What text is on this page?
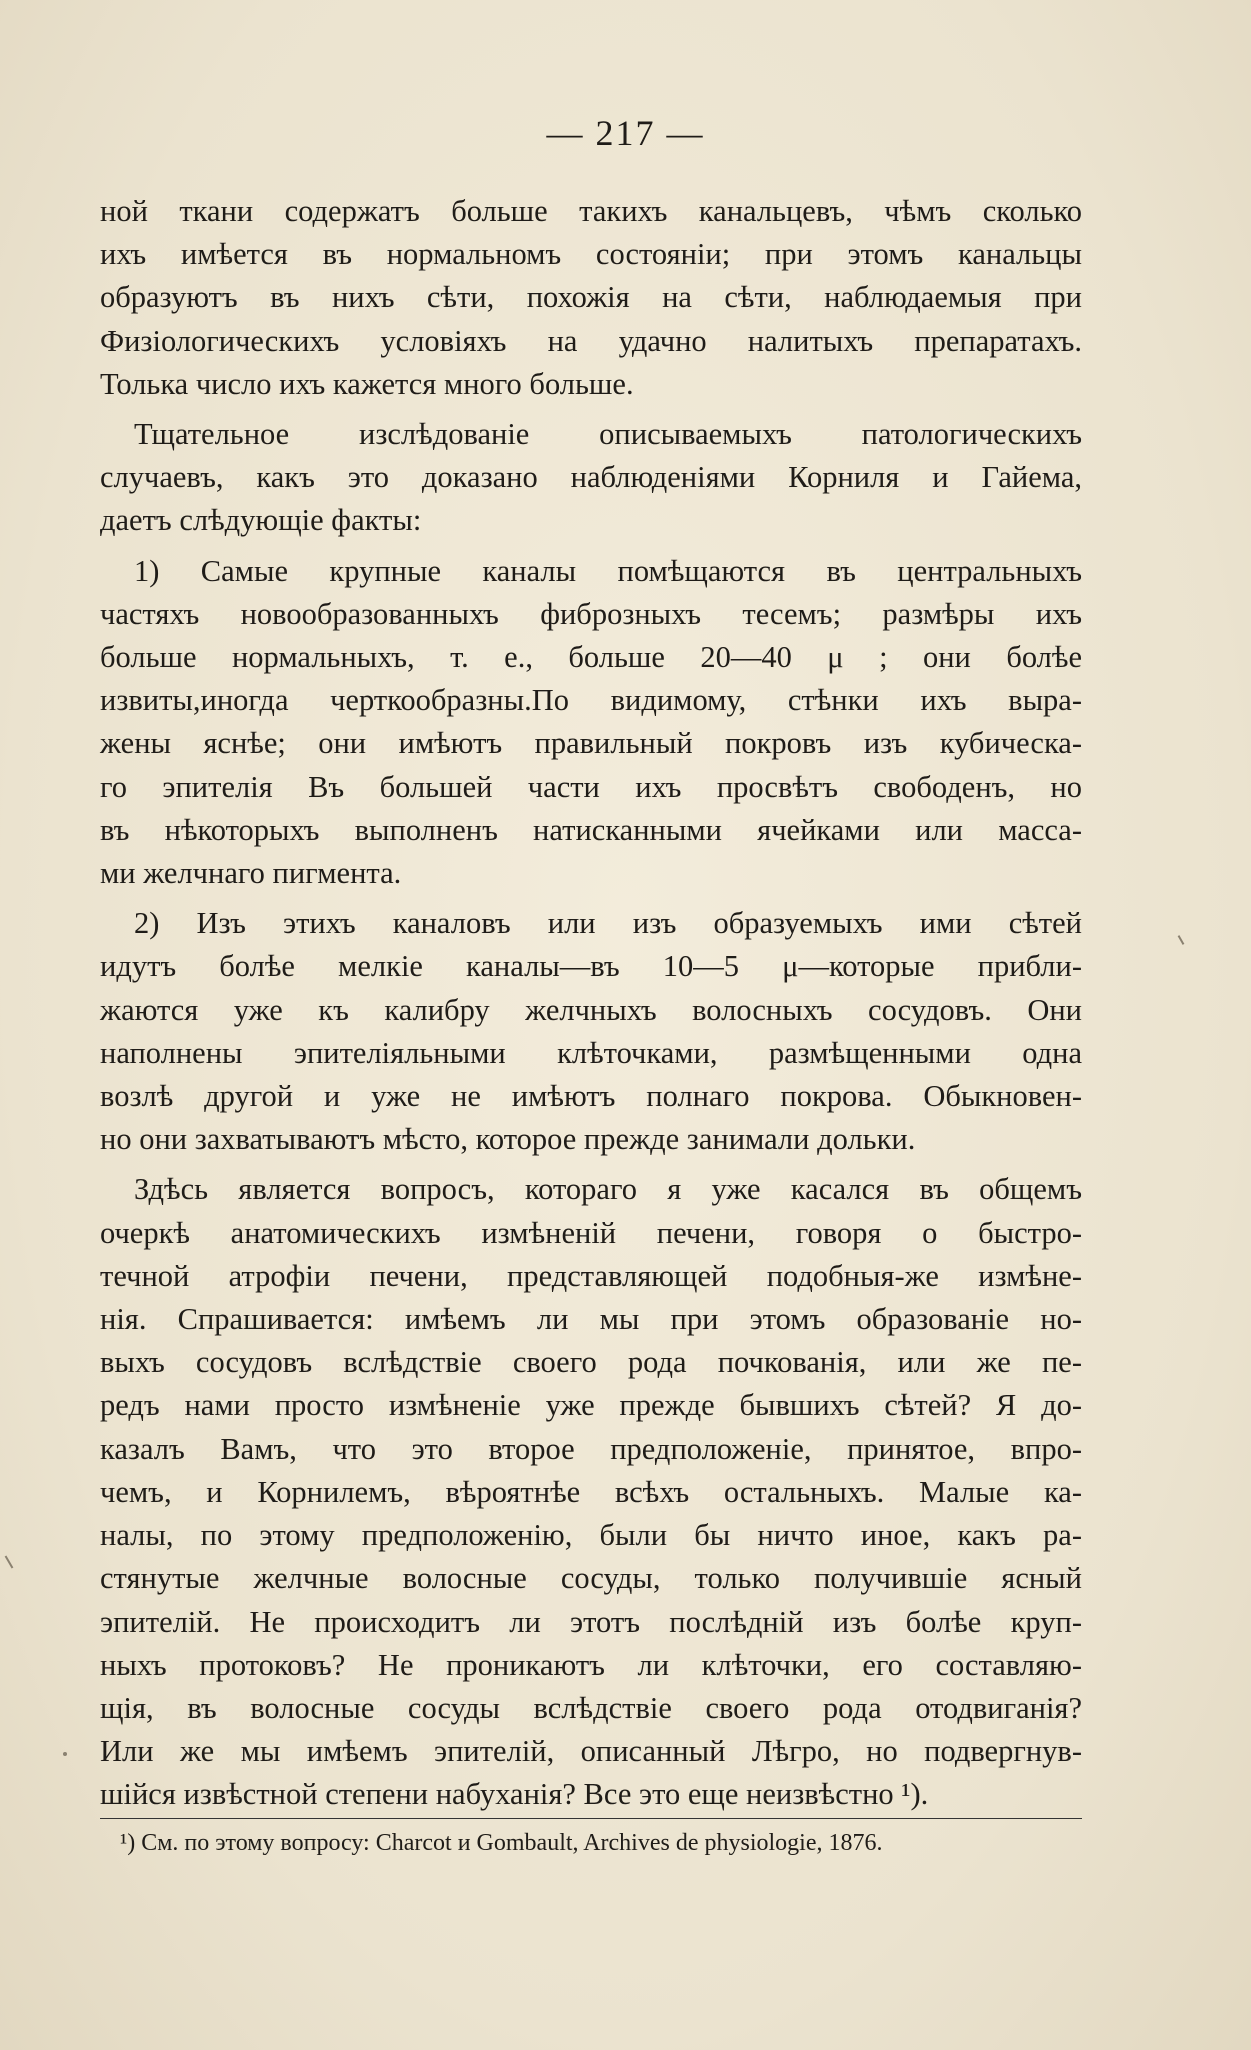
— 217 —

ной ткани содержатъ больше такихъ канальцевъ, чѣмъ сколько
ихъ имѣется въ нормальномъ состояніи; при этомъ канальцы
образуютъ въ нихъ сѣти, похожія на сѣти, наблюдаемыя при
Физіологическихъ условіяхъ на удачно налитыхъ препаратахъ.
Толька число ихъ кажется много больше.

Тщательное изслѣдованіе описываемыхъ патологическихъ
случаевъ, какъ это доказано наблюденіями Корниля и Гайема,
даетъ слѣдующіе факты:

1) Самые крупные каналы помѣщаются въ центральныхъ
частяхъ новообразованныхъ фиброзныхъ тесемъ; размѣры ихъ
больше нормальныхъ, т. е., больше 20—40 μ ; они болѣе
извиты,иногда черткообразны.По видимому, стѣнки ихъ выра-
жены яснѣе; они имѣютъ правильный покровъ изъ кубическа-
го эпителія Въ большей части ихъ просвѣтъ свободенъ, но
въ нѣкоторыхъ выполненъ натисканными ячейками или масса-
ми желчнаго пигмента.

2) Изъ этихъ каналовъ или изъ образуемыхъ ими сѣтей
идутъ болѣе мелкіе каналы—въ 10—5 μ—которые прибли-
жаются уже къ калибру желчныхъ волосныхъ сосудовъ. Они
наполнены эпителіяльными клѣточками, размѣщенными одна
возлѣ другой и уже не имѣютъ полнаго покрова. Обыкновен-
но они захватываютъ мѣсто, которое прежде занимали дольки.

Здѣсь является вопросъ, котораго я уже касался въ общемъ
очеркѣ анатомическихъ измѣненій печени, говоря о быстро-
течной атрофіи печени, представляющей подобныя-же измѣне-
нія. Спрашивается: имѣемъ ли мы при этомъ образованіе но-
выхъ сосудовъ вслѣдствіе своего рода почкованія, или же пе-
редъ нами просто измѣненіе уже прежде бывшихъ сѣтей? Я до-
казалъ Вамъ, что это второе предположеніе, принятое, впро-
чемъ, и Корнилемъ, вѣроятнѣе всѣхъ остальныхъ. Малые ка-
налы, по этому предположенію, были бы ничто иное, какъ ра-
стянутые желчные волосные сосуды, только получившіе ясный
эпителій. Не происходитъ ли этотъ послѣдній изъ болѣе круп-
ныхъ протоковъ? Не проникаютъ ли клѣточки, его составляю-
щія, въ волосные сосуды вслѣдствіе своего рода отодвиганія?
Или же мы имѣемъ эпителій, описанный Лѣгро, но подвергнув-
шійся извѣстной степени набуханія? Все это еще неизвѣстно ¹).

¹) См. по этому вопросу: Charcot и Gombault, Archives de physiologie, 1876.
